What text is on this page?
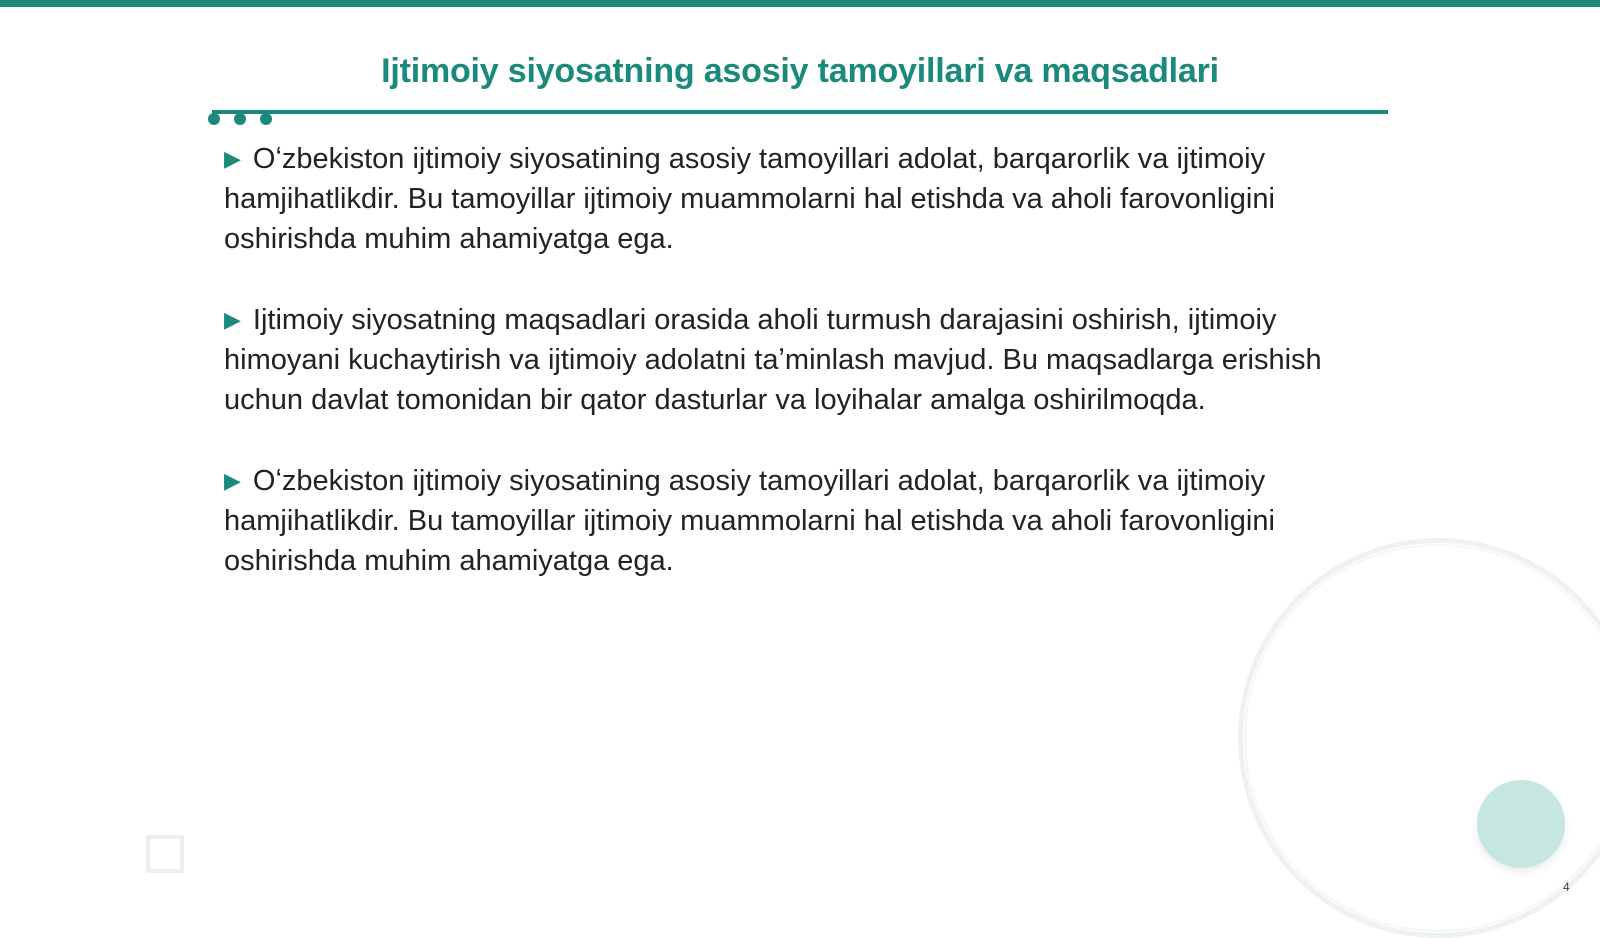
Ijtimoiy siyosatning asosiy tamoyillari va maqsadlari

▶ Oʻzbekiston ijtimoiy siyosatining asosiy tamoyillari adolat, barqarorlik va ijtimoiy hamjihatlikdir. Bu tamoyillar ijtimoiy muammolarni hal etishda va aholi farovonligini oshirishda muhim ahamiyatga ega.

▶ Ijtimoiy siyosatning maqsadlari orasida aholi turmush darajasini oshirish, ijtimoiy himoyani kuchaytirish va ijtimoiy adolatni taʼminlash mavjud. Bu maqsadlarga erishish uchun davlat tomonidan bir qator dasturlar va loyihalar amalga oshirilmoqda.

▶ Oʻzbekiston ijtimoiy siyosatining asosiy tamoyillari adolat, barqarorlik va ijtimoiy hamjihatlikdir. Bu tamoyillar ijtimoiy muammolarni hal etishda va aholi farovonligini oshirishda muhim ahamiyatga ega.

4
